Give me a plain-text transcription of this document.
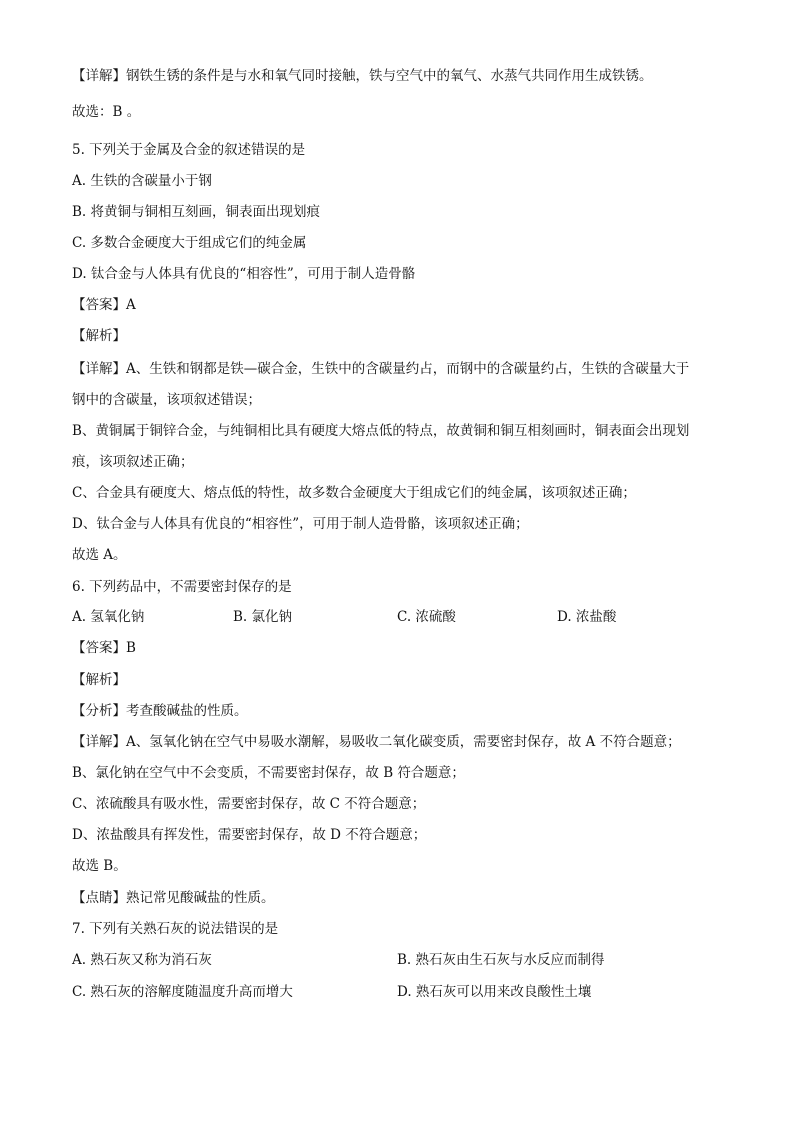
【详解】钢铁生锈的条件是与水和氧气同时接触，铁与空气中的氧气、水蒸气共同作用生成铁锈。
故选：B 。
5. 下列关于金属及合金的叙述错误的是
A. 生铁的含碳量小于钢
B. 将黄铜与铜相互刻画，铜表面出现划痕
C. 多数合金硬度大于组成它们的纯金属
D. 钛合金与人体具有优良的“相容性”，可用于制人造骨骼
【答案】A
【解析】
【详解】A、生铁和钢都是铁—碳合金，生铁中的含碳量约占，而钢中的含碳量约占，生铁的含碳量大于
钢中的含碳量，该项叙述错误；
B、黄铜属于铜锌合金，与纯铜相比具有硬度大熔点低的特点，故黄铜和铜互相刻画时，铜表面会出现划
痕，该项叙述正确；
C、合金具有硬度大、熔点低的特性，故多数合金硬度大于组成它们的纯金属，该项叙述正确；
D、钛合金与人体具有优良的“相容性”，可用于制人造骨骼，该项叙述正确；
故选 A。
6. 下列药品中，不需要密封保存的是
A. 氢氧化钠	B. 氯化钠	C. 浓硫酸	D. 浓盐酸
【答案】B
【解析】
【分析】考查酸碱盐的性质。
【详解】A、氢氧化钠在空气中易吸水潮解，易吸收二氧化碳变质，需要密封保存，故 A 不符合题意；
B、氯化钠在空气中不会变质，不需要密封保存，故 B 符合题意；
C、浓硫酸具有吸水性，需要密封保存，故 C 不符合题意；
D、浓盐酸具有挥发性，需要密封保存，故 D 不符合题意；
故选 B。
【点睛】熟记常见酸碱盐的性质。
7. 下列有关熟石灰的说法错误的是
A. 熟石灰又称为消石灰	B. 熟石灰由生石灰与水反应而制得
C. 熟石灰的溶解度随温度升高而增大	D. 熟石灰可以用来改良酸性土壤
